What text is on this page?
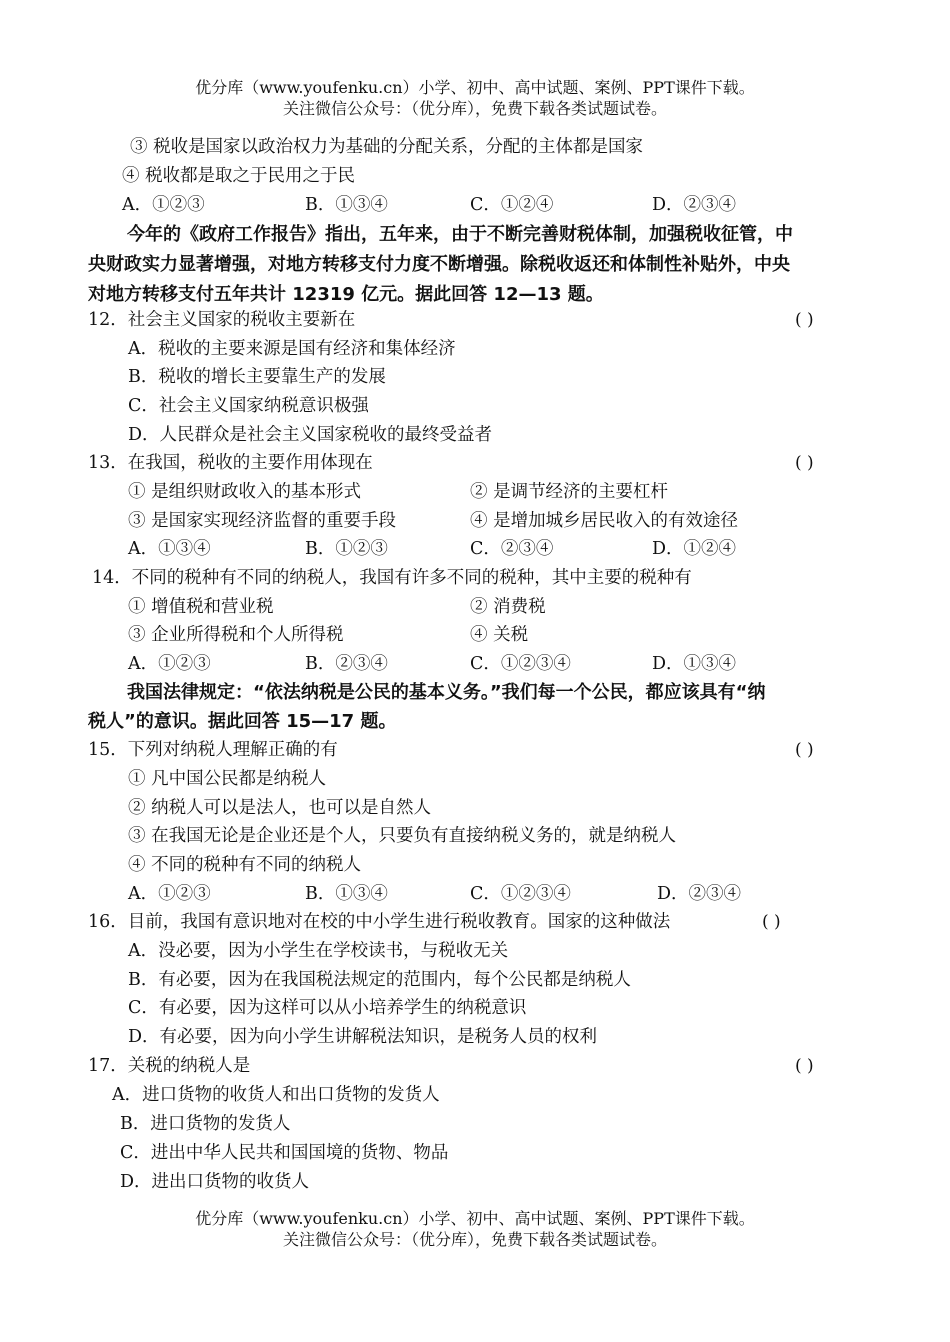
优分库（www.youfenku.cn）小学、初中、高中试题、案例、PPT课件下载。
关注微信公众号：（优分库），免费下载各类试题试卷。
③ 税收是国家以政治权力为基础的分配关系，分配的主体都是国家
④ 税收都是取之于民用之于民
A．①②③	B．①③④	C．①②④	D．②③④
今年的《政府工作报告》指出，五年来，由于不断完善财税体制，加强税收征管，中
央财政实力显著增强，对地方转移支付力度不断增强。除税收返还和体制性补贴外，中央
对地方转移支付五年共计 12319 亿元。据此回答 12—13 题。
12．社会主义国家的税收主要新在	( )
A．税收的主要来源是国有经济和集体经济
B．税收的增长主要靠生产的发展
C．社会主义国家纳税意识极强
D．人民群众是社会主义国家税收的最终受益者
13．在我国，税收的主要作用体现在	( )
① 是组织财政收入的基本形式	② 是调节经济的主要杠杆
③ 是国家实现经济监督的重要手段	④ 是增加城乡居民收入的有效途径
A．①③④	B．①②③	C．②③④	D．①②④
14．不同的税种有不同的纳税人，我国有许多不同的税种，其中主要的税种有
① 增值税和营业税	② 消费税
③ 企业所得税和个人所得税	④ 关税
A．①②③	B．②③④	C．①②③④	D．①③④
我国法律规定：“依法纳税是公民的基本义务。”我们每一个公民，都应该具有“纳
税人”的意识。据此回答 15—17 题。
15．下列对纳税人理解正确的有	( )
① 凡中国公民都是纳税人
② 纳税人可以是法人，也可以是自然人
③ 在我国无论是企业还是个人，只要负有直接纳税义务的，就是纳税人
④ 不同的税种有不同的纳税人
A．①②③	B．①③④	C．①②③④	D．②③④
16．目前，我国有意识地对在校的中小学生进行税收教育。国家的这种做法	( )
A．没必要，因为小学生在学校读书，与税收无关
B．有必要，因为在我国税法规定的范围内，每个公民都是纳税人
C．有必要，因为这样可以从小培养学生的纳税意识
D．有必要，因为向小学生讲解税法知识，是税务人员的权利
17．关税的纳税人是	( )
A．进口货物的收货人和出口货物的发货人
B．进口货物的发货人
C．进出中华人民共和国国境的货物、物品
D．进出口货物的收货人
优分库（www.youfenku.cn）小学、初中、高中试题、案例、PPT课件下载。
关注微信公众号：（优分库），免费下载各类试题试卷。
